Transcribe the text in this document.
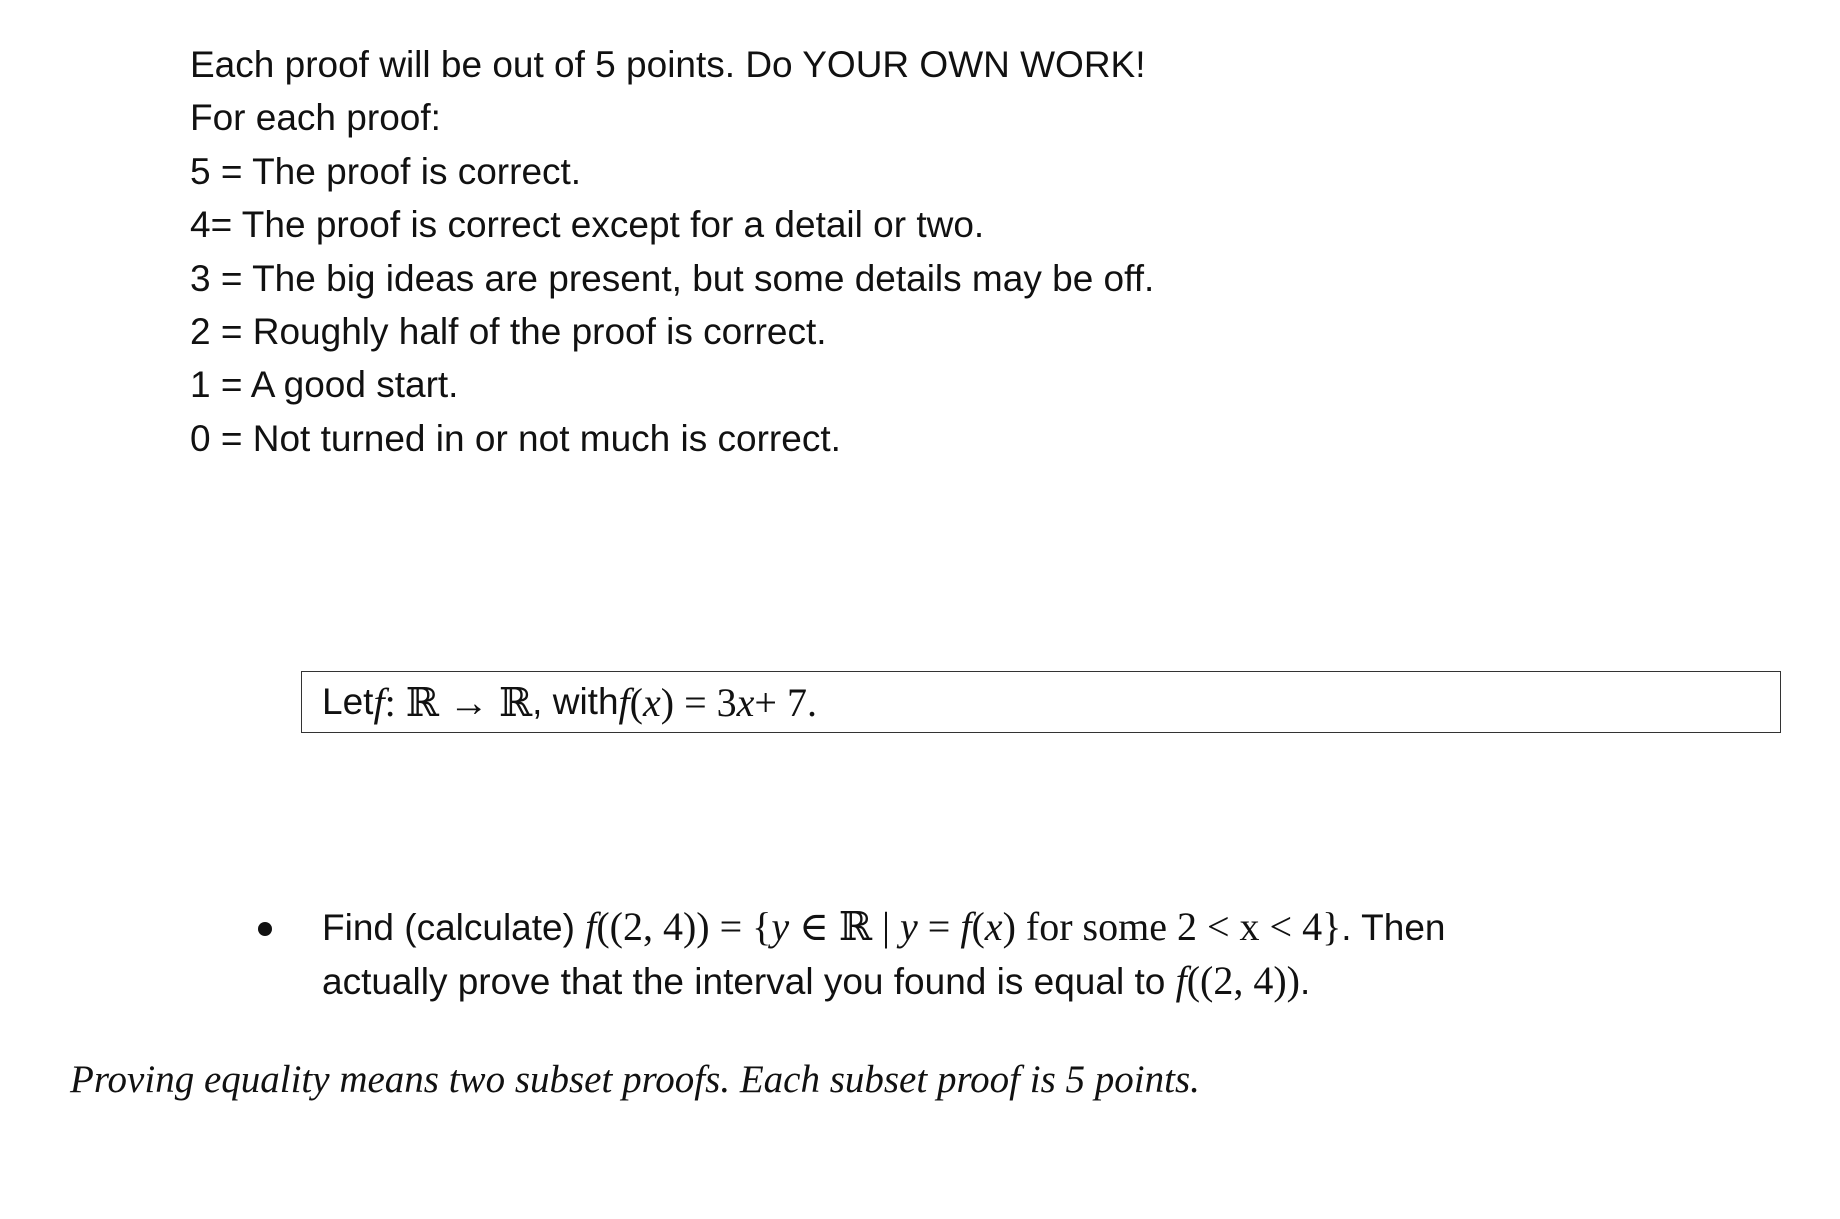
Each proof will be out of 5 points. Do YOUR OWN WORK!
For each proof:
5 = The proof is correct.
4= The proof is correct except for a detail or two.
3 = The big ideas are present, but some details may be off.
2 = Roughly half of the proof is correct.
1 = A good start.
0 = Not turned in or not much is correct.
Let f : ℝ → ℝ , with f ( x ) = 3 x + 7.
Find (calculate) f((2, 4)) = {y ∈ ℝ | y = f(x) for some 2 < x < 4}. Then
actually prove that the interval you found is equal to f((2, 4)).
Proving equality means two subset proofs. Each subset proof is 5 points.
